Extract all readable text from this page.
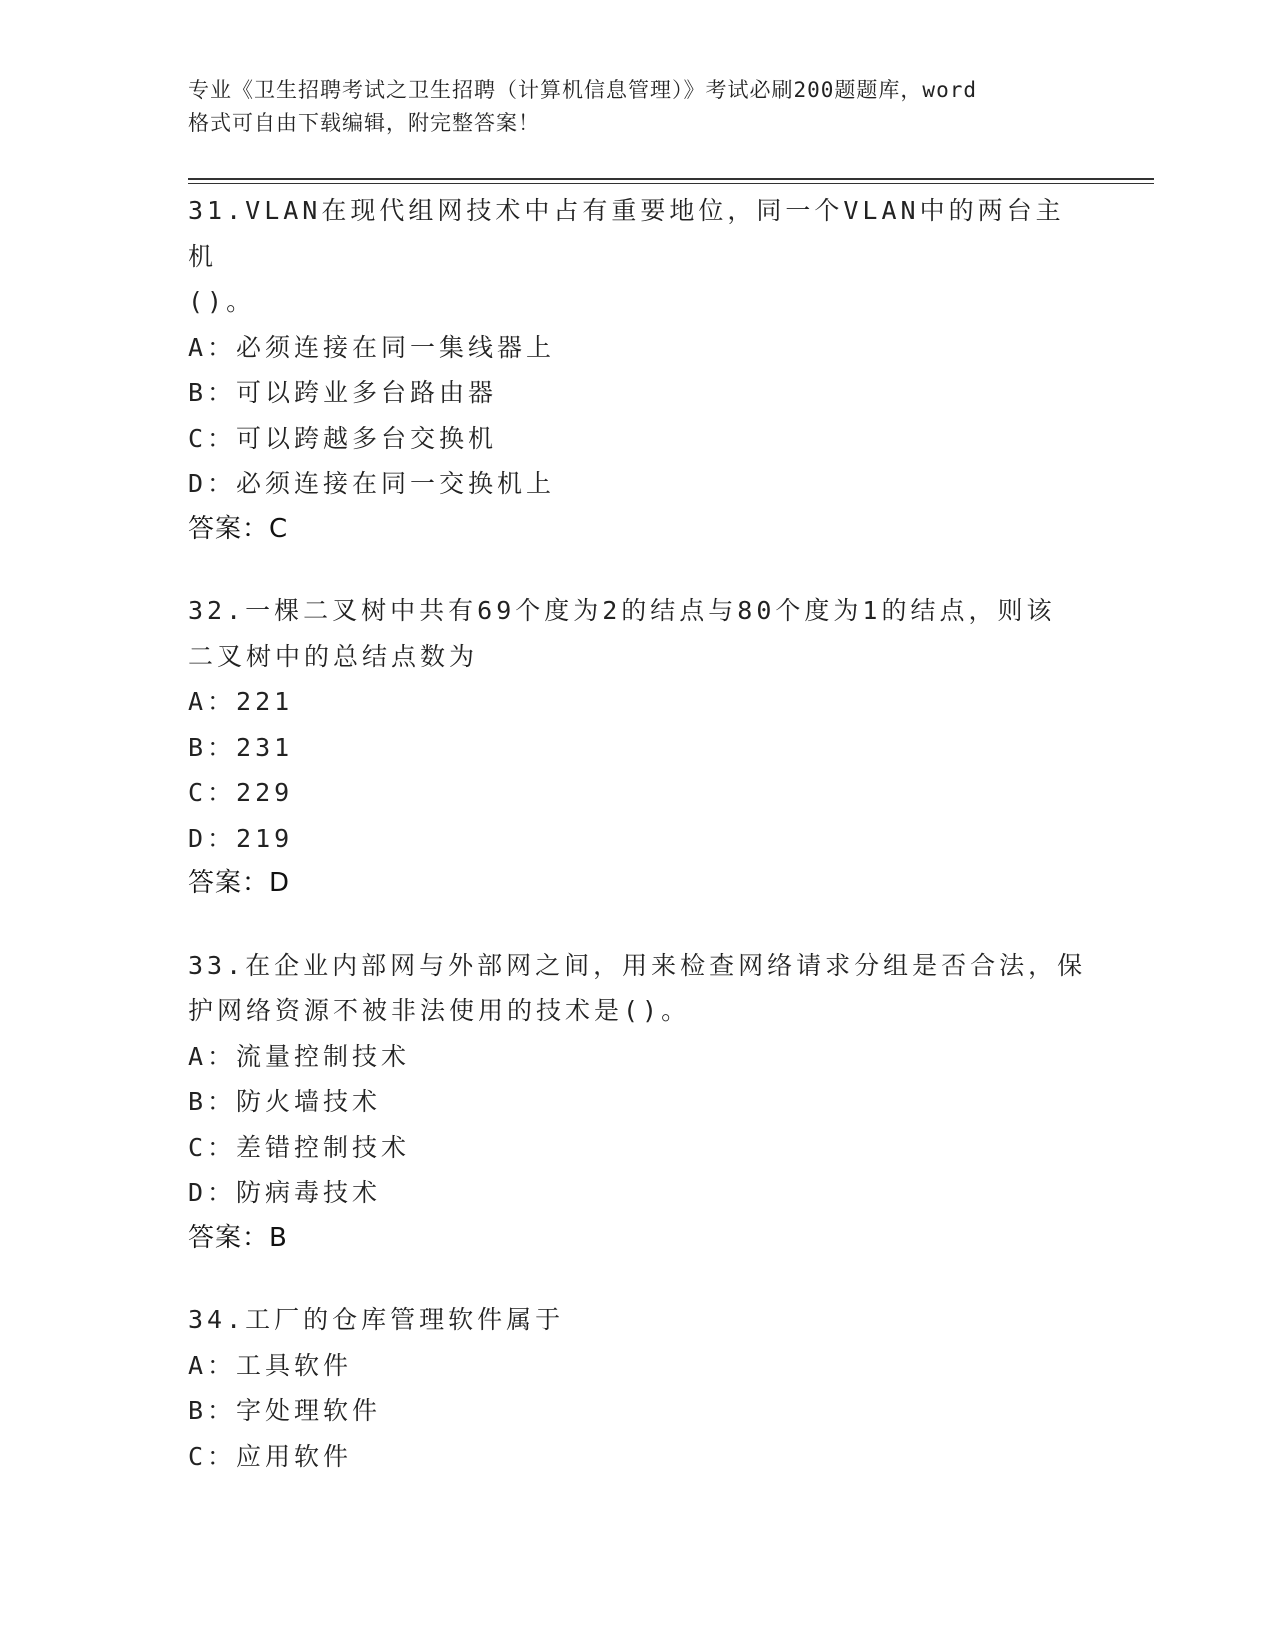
专业《卫生招聘考试之卫生招聘（计算机信息管理）》考试必刷200题题库，word
格式可自由下载编辑，附完整答案！
31.VLAN在现代组网技术中占有重要地位，同一个VLAN中的两台主机
()。
A：必须连接在同一集线器上
B：可以跨业多台路由器
C：可以跨越多台交换机
D：必须连接在同一交换机上
答案：C
32.一棵二叉树中共有69个度为2的结点与80个度为1的结点，则该
二叉树中的总结点数为
A：221
B：231
C：229
D：219
答案：D
33.在企业内部网与外部网之间，用来检查网络请求分组是否合法，保
护网络资源不被非法使用的技术是()。
A：流量控制技术
B：防火墙技术
C：差错控制技术
D：防病毒技术
答案：B
34.工厂的仓库管理软件属于
A：工具软件
B：字处理软件
C：应用软件
